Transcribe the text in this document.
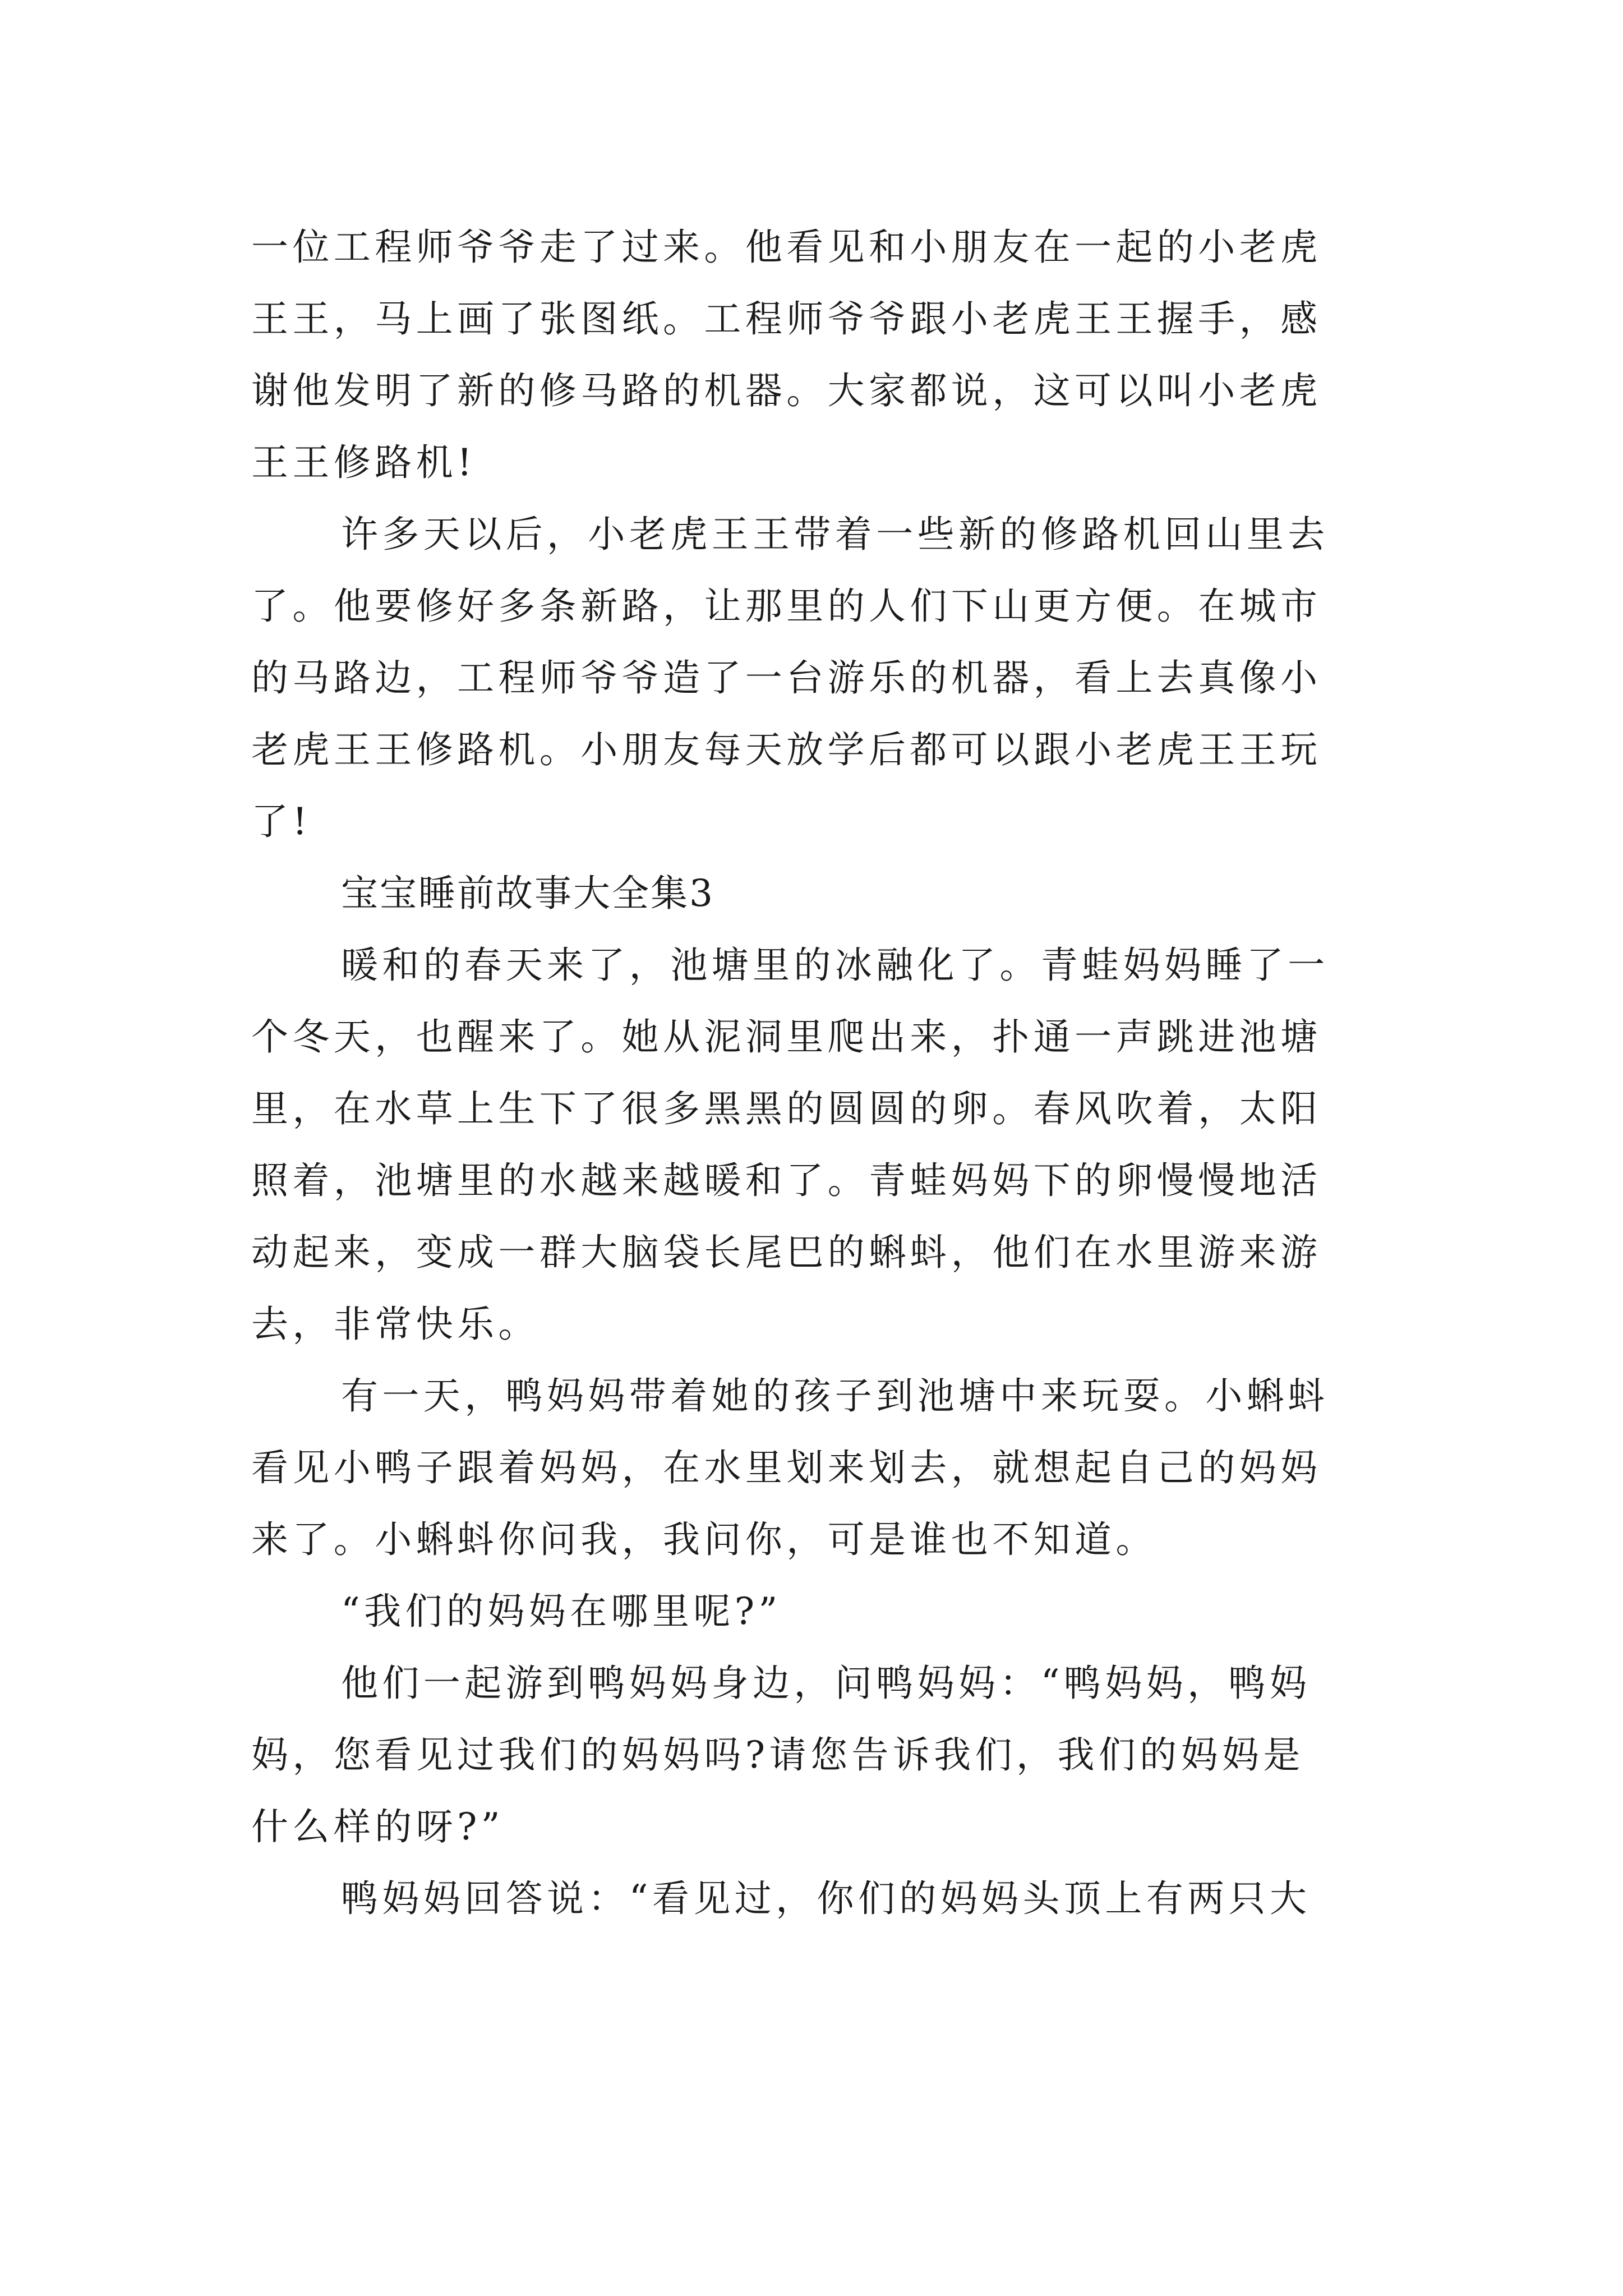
一位工程师爷爷走了过来。他看见和小朋友在一起的小老虎
王王，马上画了张图纸。工程师爷爷跟小老虎王王握手，感
谢他发明了新的修马路的机器。大家都说，这可以叫小老虎
王王修路机!
许多天以后，小老虎王王带着一些新的修路机回山里去
了。他要修好多条新路，让那里的人们下山更方便。在城市
的马路边，工程师爷爷造了一台游乐的机器，看上去真像小
老虎王王修路机。小朋友每天放学后都可以跟小老虎王王玩
了!
宝宝睡前故事大全集3
暖和的春天来了，池塘里的冰融化了。青蛙妈妈睡了一
个冬天，也醒来了。她从泥洞里爬出来，扑通一声跳进池塘
里，在水草上生下了很多黑黑的圆圆的卵。春风吹着，太阳
照着，池塘里的水越来越暖和了。青蛙妈妈下的卵慢慢地活
动起来，变成一群大脑袋长尾巴的蝌蚪，他们在水里游来游
去，非常快乐。
有一天，鸭妈妈带着她的孩子到池塘中来玩耍。小蝌蚪
看见小鸭子跟着妈妈，在水里划来划去，就想起自己的妈妈
来了。小蝌蚪你问我，我问你，可是谁也不知道。
“我们的妈妈在哪里呢?”
他们一起游到鸭妈妈身边，问鸭妈妈：“鸭妈妈，鸭妈
妈，您看见过我们的妈妈吗?请您告诉我们，我们的妈妈是
什么样的呀?”
鸭妈妈回答说：“看见过，你们的妈妈头顶上有两只大
